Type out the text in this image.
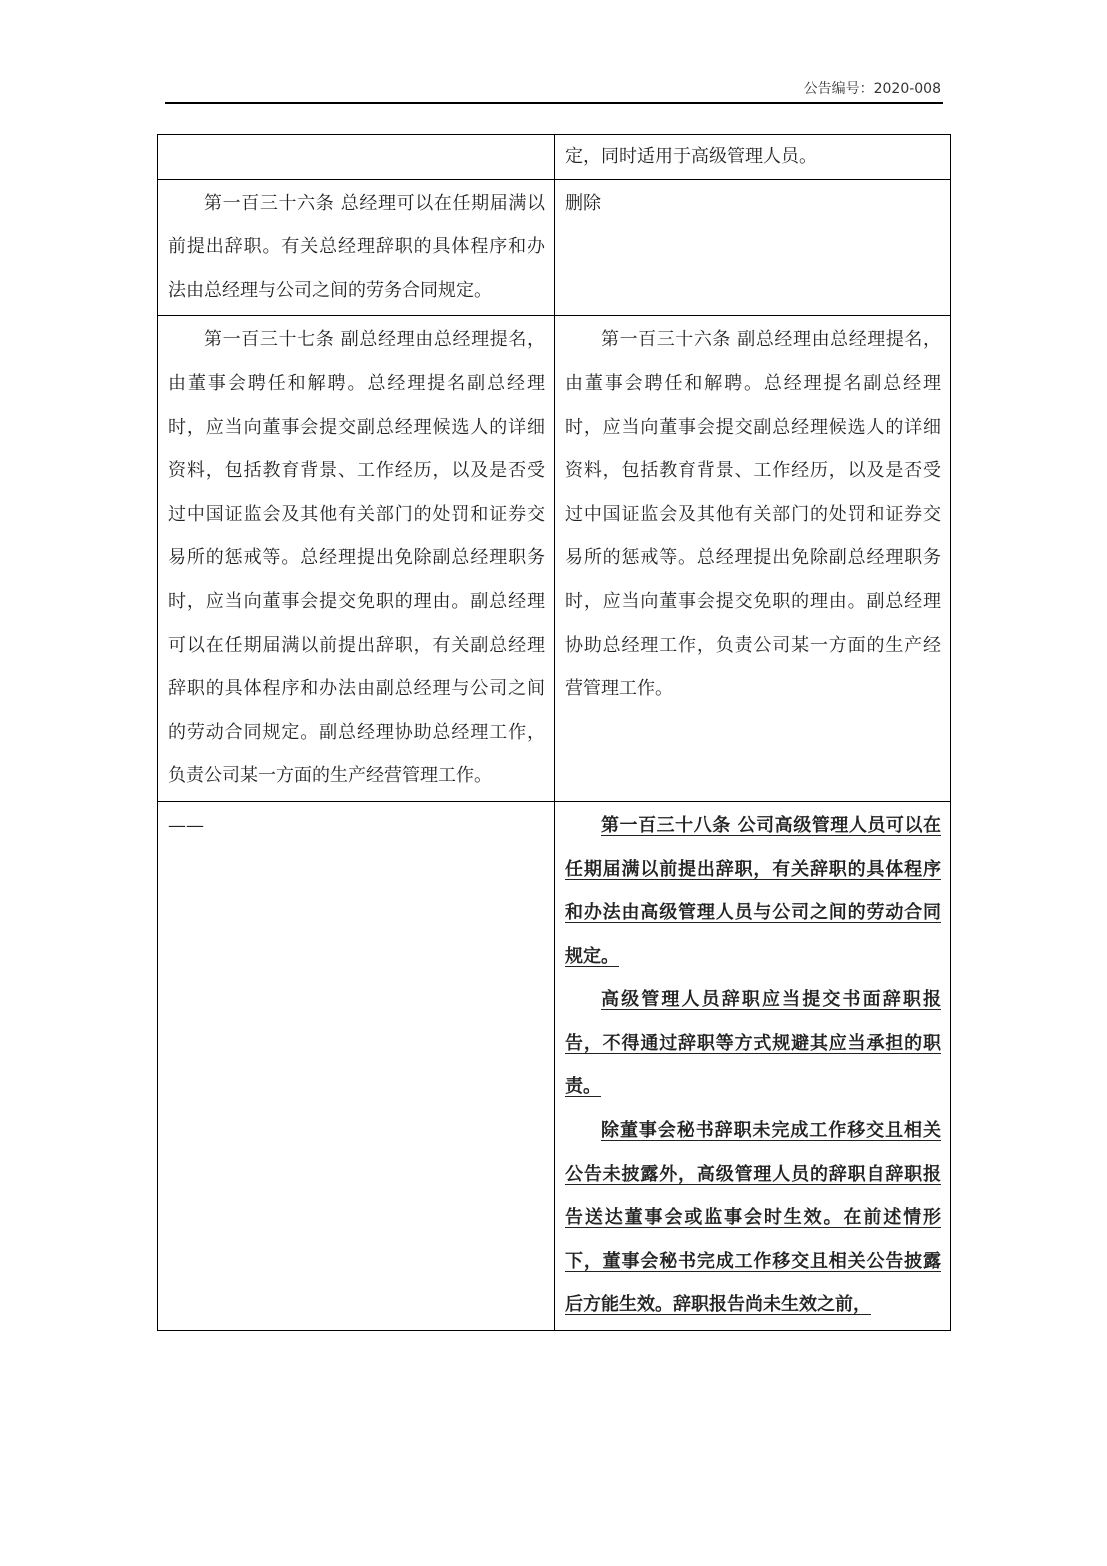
公告编号：2020-008

	定，同时适用于高级管理人员。

第一百三十六条 总经理可以在任期届满以前提出辞职。有关总经理辞职的具体程序和办法由总经理与公司之间的劳务合同规定。	删除

第一百三十七条 副总经理由总经理提名，由董事会聘任和解聘。总经理提名副总经理时，应当向董事会提交副总经理候选人的详细资料，包括教育背景、工作经历，以及是否受过中国证监会及其他有关部门的处罚和证券交易所的惩戒等。总经理提出免除副总经理职务时，应当向董事会提交免职的理由。副总经理可以在任期届满以前提出辞职，有关副总经理辞职的具体程序和办法由副总经理与公司之间的劳动合同规定。副总经理协助总经理工作，负责公司某一方面的生产经营管理工作。	第一百三十六条 副总经理由总经理提名，由董事会聘任和解聘。总经理提名副总经理时，应当向董事会提交副总经理候选人的详细资料，包括教育背景、工作经历，以及是否受过中国证监会及其他有关部门的处罚和证券交易所的惩戒等。总经理提出免除副总经理职务时，应当向董事会提交免职的理由。副总经理协助总经理工作，负责公司某一方面的生产经营管理工作。

——	第一百三十八条 公司高级管理人员可以在任期届满以前提出辞职，有关辞职的具体程序和办法由高级管理人员与公司之间的劳动合同规定。

高级管理人员辞职应当提交书面辞职报告，不得通过辞职等方式规避其应当承担的职责。

除董事会秘书辞职未完成工作移交且相关公告未披露外，高级管理人员的辞职自辞职报告送达董事会或监事会时生效。在前述情形下，董事会秘书完成工作移交且相关公告披露后方能生效。辞职报告尚未生效之前，
